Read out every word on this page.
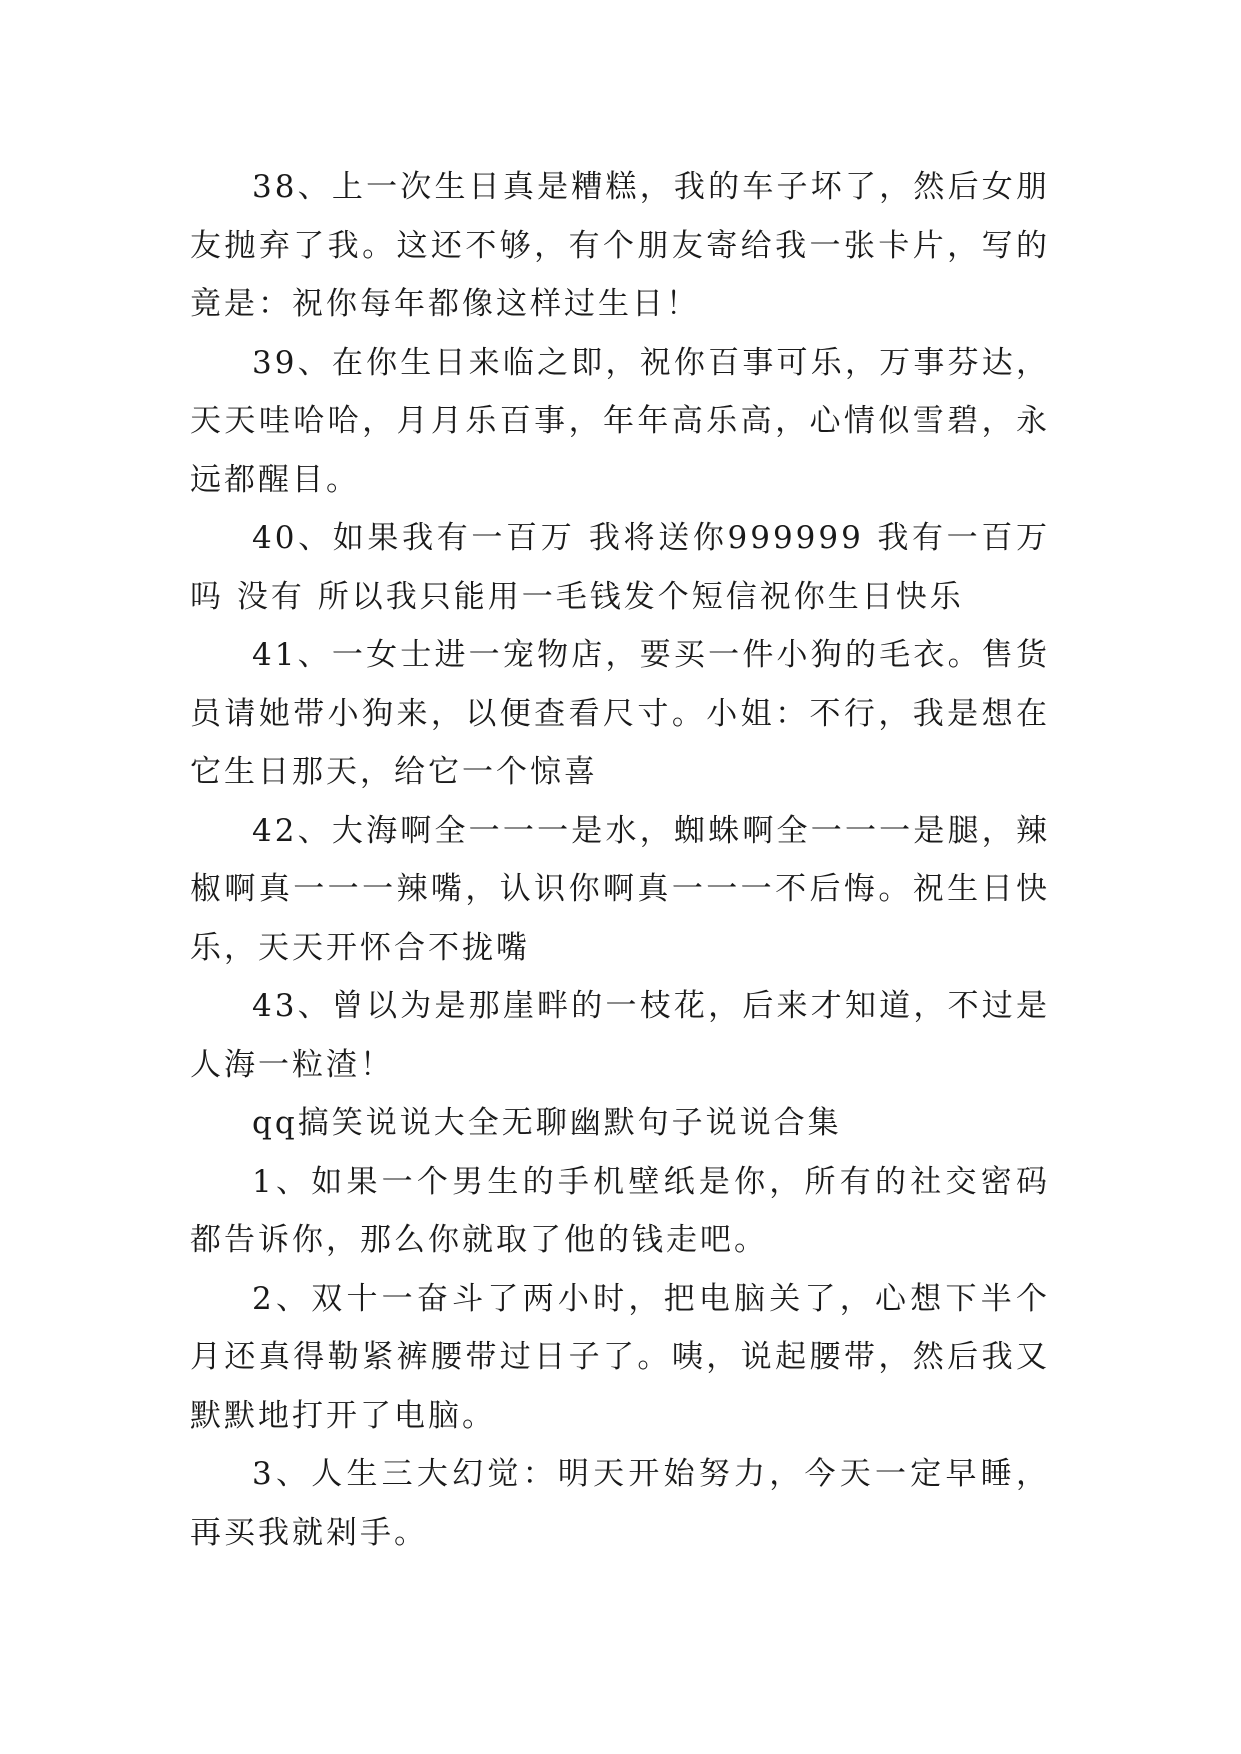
38、上一次生日真是糟糕，我的车子坏了，然后女朋友抛弃了我。这还不够，有个朋友寄给我一张卡片，写的竟是：祝你每年都像这样过生日！

39、在你生日来临之即，祝你百事可乐，万事芬达，天天哇哈哈，月月乐百事，年年高乐高，心情似雪碧，永远都醒目。

40、如果我有一百万 我将送你999999 我有一百万吗 没有 所以我只能用一毛钱发个短信祝你生日快乐

41、一女士进一宠物店，要买一件小狗的毛衣。售货员请她带小狗来，以便查看尺寸。小姐：不行，我是想在它生日那天，给它一个惊喜

42、大海啊全一一一是水，蜘蛛啊全一一一是腿，辣椒啊真一一一辣嘴，认识你啊真一一一不后悔。祝生日快乐，天天开怀合不拢嘴

43、曾以为是那崖畔的一枝花，后来才知道，不过是人海一粒渣！

qq搞笑说说大全无聊幽默句子说说合集

1、如果一个男生的手机壁纸是你，所有的社交密码都告诉你，那么你就取了他的钱走吧。

2、双十一奋斗了两小时，把电脑关了，心想下半个月还真得勒紧裤腰带过日子了。咦，说起腰带，然后我又默默地打开了电脑。

3、人生三大幻觉：明天开始努力，今天一定早睡，再买我就剁手。
